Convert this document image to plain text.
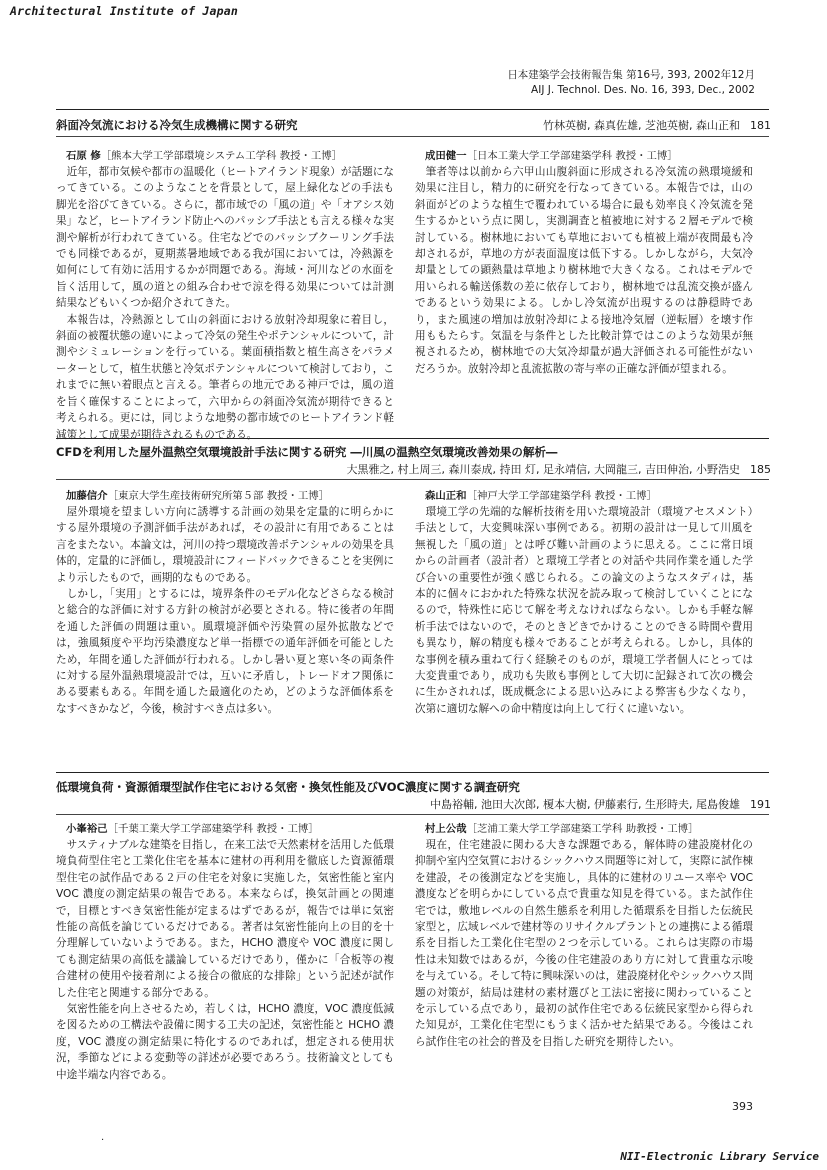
Architectural Institute of Japan
日本建築学会技術報告集 第16号, 393, 2002年12月
AIJ J. Technol. Des. No. 16, 393, Dec., 2002
斜面冷気流における冷気生成機構に関する研究	竹林英樹, 森真佐雄, 芝池英樹, 森山正和 181
石原 修［熊本大学工学部環境システム工学科 教授・工博］

近年，都市気候や都市の温暖化（ヒートアイランド現象）が話題になってきている。このようなことを背景として，屋上緑化などの手法も脚光を浴びてきている。さらに，都市域での「風の道」や「オアシス効果」など，ヒートアイランド防止へのパッシブ手法とも言える様々な実測や解析が行われてきている。住宅などでのパッシブクーリング手法でも同様であるが，夏期蒸暑地域である我が国においては，冷熱源を如何にして有効に活用するかが問題である。海域・河川などの水面を旨く活用して，風の道との組み合わせで涼を得る効果については計測結果などもいくつか紹介されてきた。

本報告は，冷熱源として山の斜面における放射冷却現象に着目し，斜面の被覆状態の違いによって冷気の発生やポテンシャルについて，計測やシミュレーションを行っている。葉面積指数と植生高さをパラメーターとして，植生状態と冷気ポテンシャルについて検討しており，これまでに無い着眼点と言える。筆者らの地元である神戸では，風の道を旨く確保することによって，六甲からの斜面冷気流が期待できると考えられる。更には，同じような地勢の都市域でのヒートアイランド軽減策として成果が期待されるものである。

成田健一［日本工業大学工学部建築学科 教授・工博］

筆者等は以前から六甲山山腹斜面に形成される冷気流の熱環境緩和効果に注目し，精力的に研究を行なってきている。本報告では，山の斜面がどのような植生で覆われている場合に最も効率良く冷気流を発生するかという点に関し，実測調査と植被地に対する２層モデルで検討している。樹林地においても草地においても植被上端が夜間最も冷却されるが，草地の方が表面温度は低下する。しかしながら，大気冷却量としての顕熱量は草地より樹林地で大きくなる。これはモデルで用いられる輸送係数の差に依存しており，樹林地では乱流交換が盛んであるという効果による。しかし冷気流が出現するのは静穏時であり，また風速の増加は放射冷却による接地冷気層（逆転層）を壊す作用ももたらす。気温を与条件とした比較計算ではこのような効果が無視されるため，樹林地での大気冷却量が過大評価される可能性がないだろうか。放射冷却と乱流拡散の寄与率の正確な評価が望まれる。

CFDを利用した屋外温熱空気環境設計手法に関する研究 ―川風の温熱空気環境改善効果の解析―
大黒雅之, 村上周三, 森川泰成, 持田 灯, 足永靖信, 大岡龍三, 吉田伸治, 小野浩史 185
加藤信介［東京大学生産技術研究所第５部 教授・工博］

屋外環境を望ましい方向に誘導する計画の効果を定量的に明らかにする屋外環境の予測評価手法があれば，その設計に有用であることは言をまたない。本論文は，河川の持つ環境改善ポテンシャルの効果を具体的，定量的に評価し，環境設計にフィードバックできることを実例により示したもので，画期的なものである。

しかし，「実用」とするには，境界条件のモデル化などさらなる検討と総合的な評価に対する方針の検討が必要とされる。特に後者の年間を通した評価の問題は重い。風環境評価や汚染質の屋外拡散などでは，強風頻度や平均汚染濃度など単一指標での通年評価を可能としたため，年間を通した評価が行われる。しかし暑い夏と寒い冬の両条件に対する屋外温熱環境設計では，互いに矛盾し，トレードオフ関係にある要素もある。年間を通した最適化のため，どのような評価体系をなすべきかなど，今後，検討すべき点は多い。

森山正和［神戸大学工学部建築学科 教授・工博］

環境工学の先端的な解析技術を用いた環境設計（環境アセスメント）手法として，大変興味深い事例である。初期の設計は一見して川風を無視した「風の道」とは呼び難い計画のように思える。ここに常日頃からの計画者（設計者）と環境工学者との対話や共同作業を通した学び合いの重要性が強く感じられる。この論文のようなスタディは，基本的に個々におかれた特殊な状況を読み取って検討していくことになるので，特殊性に応じて解を考えなければならない。しかも手軽な解析手法ではないので，そのときどきでかけることのできる時間や費用も異なり，解の精度も様々であることが考えられる。しかし，具体的な事例を積み重ねて行く経験そのものが，環境工学者個人にとっては大変貴重であり，成功も失敗も事例として大切に記録されて次の機会に生かされれば，既成概念による思い込みによる弊害も少なくなり，次第に適切な解への命中精度は向上して行くに違いない。

低環境負荷・資源循環型試作住宅における気密・換気性能及びVOC濃度に関する調査研究
中島裕輔, 池田大次郎, 榎本大樹, 伊藤素行, 生形時夫, 尾島俊雄 191
小峯裕己［千葉工業大学工学部建築学科 教授・工博］

サスティナブルな建築を目指し，在来工法で天然素材を活用した低環境負荷型住宅と工業化住宅を基本に建材の再利用を徹底した資源循環型住宅の試作品である２戸の住宅を対象に実施した，気密性能と室内 VOC 濃度の測定結果の報告である。本来ならば，換気計画との関連で，目標とすべき気密性能が定まるはずであるが，報告では単に気密性能の高低を論じているだけである。著者は気密性能向上の目的を十分理解していないようである。また，HCHO 濃度や VOC 濃度に関しても測定結果の高低を議論しているだけであり，僅かに「合板等の複合建材の使用や接着剤による接合の徹底的な排除」という記述が試作した住宅と関連する部分である。

気密性能を向上させるため，若しくは，HCHO 濃度，VOC 濃度低減を図るための工構法や設備に関する工夫の記述，気密性能と HCHO 濃度，VOC 濃度の測定結果に特化するのであれば，想定される使用状況，季節などによる変動等の詳述が必要であろう。技術論文としても中途半端な内容である。

村上公哉［芝浦工業大学工学部建築工学科 助教授・工博］

現在，住宅建設に関わる大きな課題である，解体時の建設廃材化の抑制や室内空気質におけるシックハウス問題等に対して，実際に試作棟を建設，その後測定などを実施し，具体的に建材のリユース率や VOC 濃度などを明らかにしている点で貴重な知見を得ている。また試作住宅では，敷地レベルの自然生態系を利用した循環系を目指した伝統民家型と，広域レベルで建材等のリサイクルプラントとの連携による循環系を目指した工業化住宅型の２つを示している。これらは実際の市場性は未知数ではあるが，今後の住宅建設のあり方に対して貴重な示唆を与えている。そして特に興味深いのは，建設廃材化やシックハウス問題の対策が，結局は建材の素材選びと工法に密接に関わっていることを示している点であり，最初の試作住宅である伝統民家型から得られた知見が，工業化住宅型にもうまく活かせた結果である。今後はこれら試作住宅の社会的普及を目指した研究を期待したい。

393
.
NII-Electronic Library Service
